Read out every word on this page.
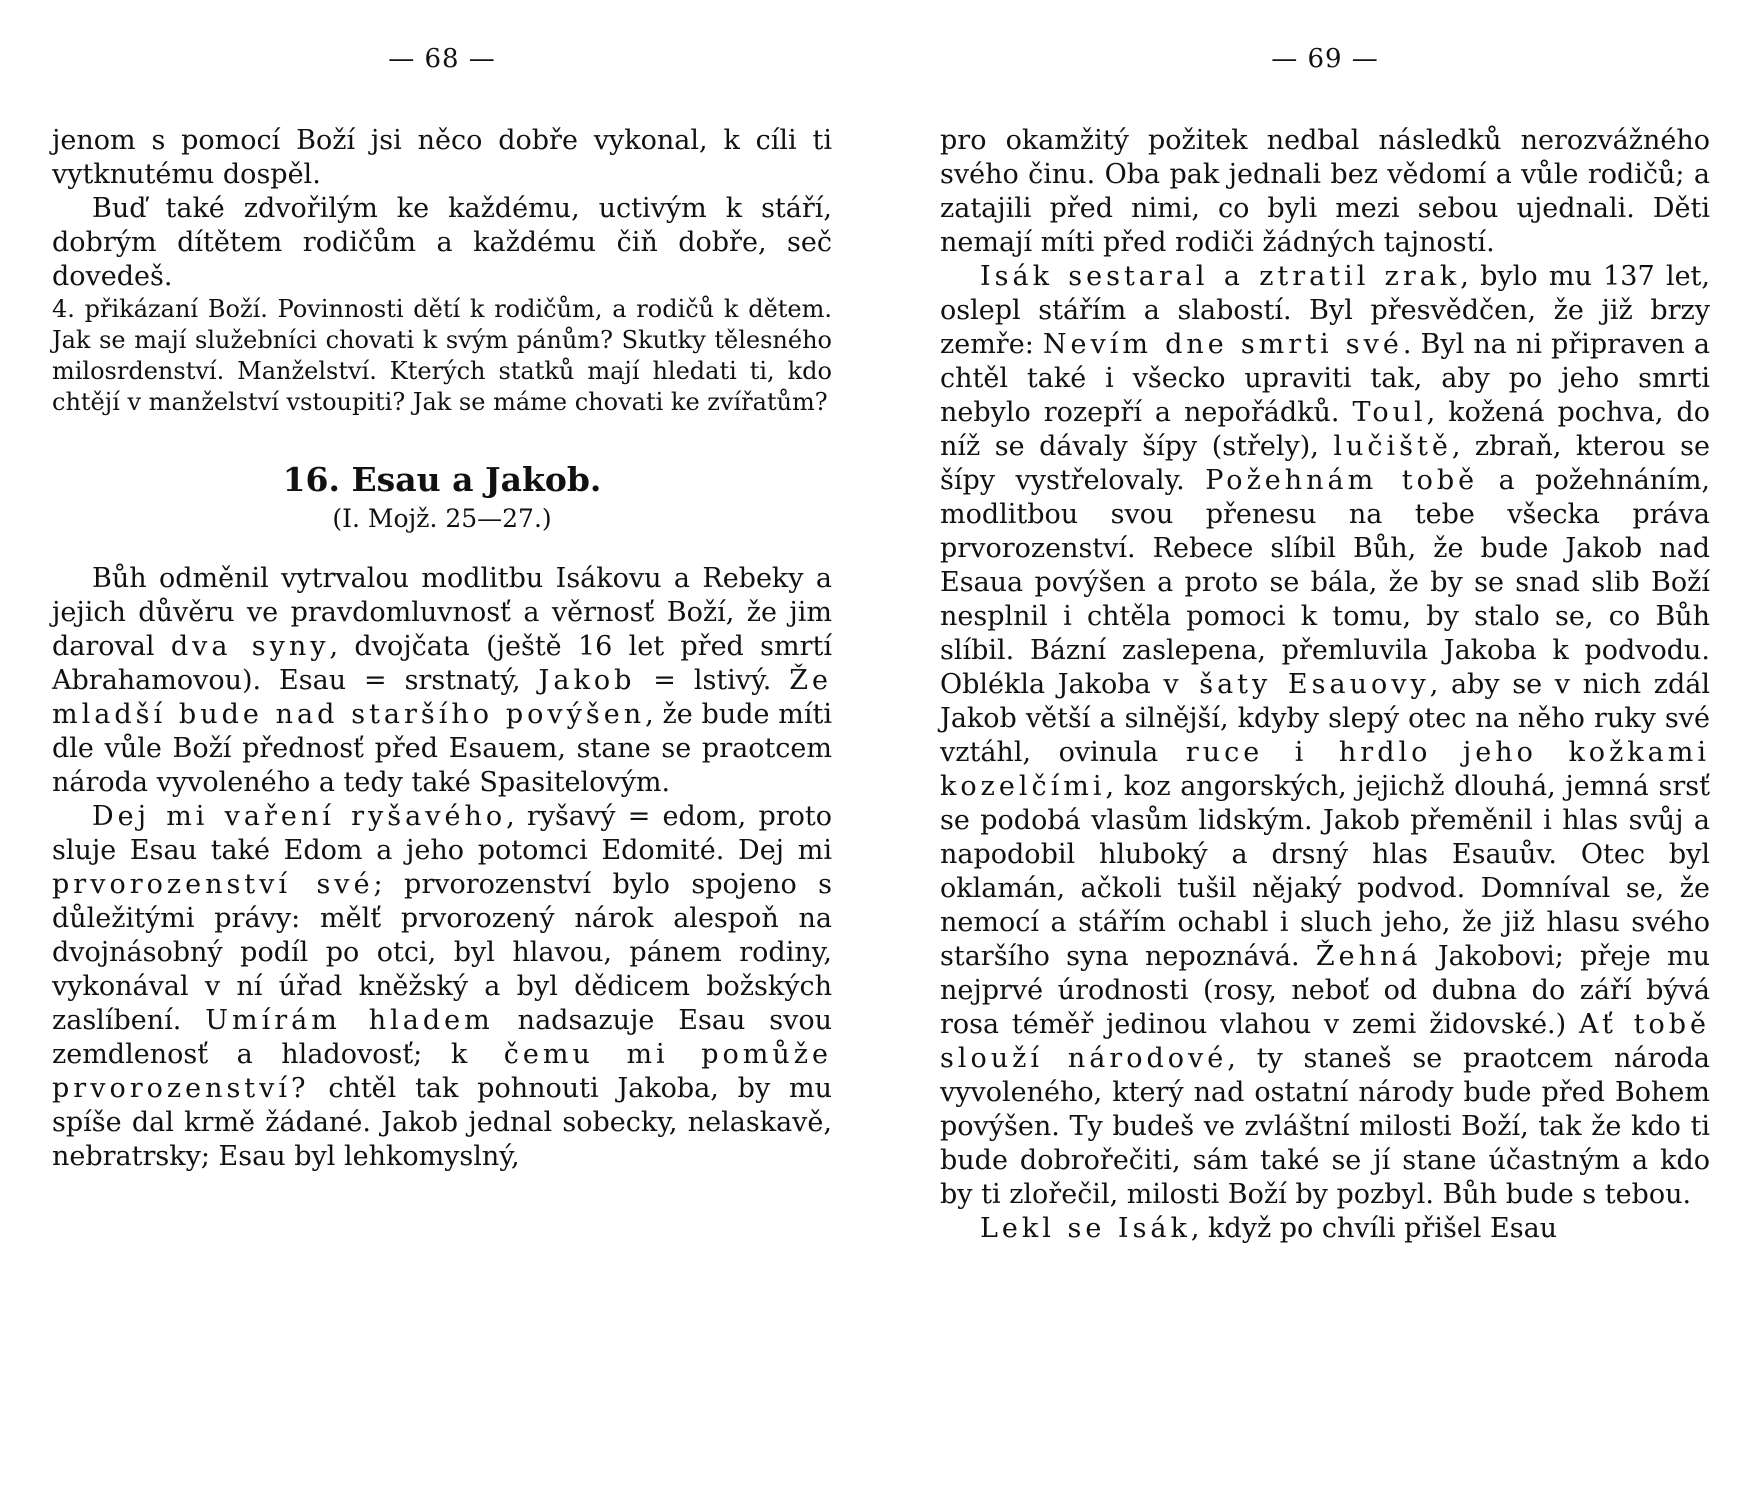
— 68 —

jenom s pomocí Boží jsi něco dobře vykonal, k cíli ti vytknutému dospěl.

Buď také zdvořilým ke každému, uctivým k stáří, dobrým dítětem rodičům a každému čiň dobře, seč dovedeš.

4. přikázaní Boží. Povinnosti dětí k rodičům, a rodičů k dětem. Jak se mají služebníci chovati k svým pánům? Skutky tělesného milosrdenství. Manželství. Kterých statků mají hledati ti, kdo chtějí v manželství vstoupiti? Jak se máme chovati ke zvířatům?

16. Esau a Jakob.
(I. Mojž. 25—27.)

Bůh odměnil vytrvalou modlitbu Isákovu a Rebeky a jejich důvěru ve pravdomluvnosť a věrnosť Boží, že jim daroval dva syny, dvojčata (ještě 16 let před smrtí Abrahamovou). Esau = srstnatý, Jakob = lstivý. Že mladší bude nad staršího povýšen, že bude míti dle vůle Boží přednosť před Esauem, stane se praotcem národa vyvoleného a tedy také Spasitelovým.

Dej mi vaření ryšavého, ryšavý = edom, proto sluje Esau také Edom a jeho potomci Edomité. Dej mi prvorozenství své; prvorozenství bylo spojeno s důležitými právy: mělť prvorozený nárok alespoň na dvojnásobný podíl po otci, byl hlavou, pánem rodiny, vykonával v ní úřad kněžský a byl dědicem božských zaslíbení. Umírám hladem nadsazuje Esau svou zemdlenosť a hladovosť; k čemu mi pomůže prvorozenství? chtěl tak pohnouti Jakoba, by mu spíše dal krmě žádané. Jakob jednal sobecky, nelaskavě, nebratrsky; Esau byl lehkomyslný,

— 69 —

pro okamžitý požitek nedbal následků nerozvážného svého činu. Oba pak jednali bez vědomí a vůle rodičů; a zatajili před nimi, co byli mezi sebou ujednali. Děti nemají míti před rodiči žádných tajností.

Isák sestaral a ztratil zrak, bylo mu 137 let, oslepl stářím a slabostí. Byl přesvědčen, že již brzy zemře: Nevím dne smrti své. Byl na ni připraven a chtěl také i všecko upraviti tak, aby po jeho smrti nebylo rozepří a nepořádků. Toul, kožená pochva, do níž se dávaly šípy (střely), lučiště, zbraň, kterou se šípy vystřelovaly. Požehnám tobě a požehnáním, modlitbou svou přenesu na tebe všecka práva prvorozenství. Rebece slíbil Bůh, že bude Jakob nad Esaua povýšen a proto se bála, že by se snad slib Boží nesplnil i chtěla pomoci k tomu, by stalo se, co Bůh slíbil. Bázní zaslepena, přemluvila Jakoba k podvodu. Oblékla Jakoba v šaty Esauovy, aby se v nich zdál Jakob větší a silnější, kdyby slepý otec na něho ruky své vztáhl, ovinula ruce i hrdlo jeho kožkami kozelčími, koz angorských, jejichž dlouhá, jemná srsť se podobá vlasům lidským. Jakob přeměnil i hlas svůj a napodobil hluboký a drsný hlas Esauův. Otec byl oklamán, ačkoli tušil nějaký podvod. Domníval se, že nemocí a stářím ochabl i sluch jeho, že již hlasu svého staršího syna nepoznává. Žehná Jakobovi; přeje mu nejprvé úrodnosti (rosy, neboť od dubna do září bývá rosa téměř jedinou vlahou v zemi židovské.) Ať tobě slouží národové, ty staneš se praotcem národa vyvoleného, který nad ostatní národy bude před Bohem povýšen. Ty budeš ve zvláštní milosti Boží, tak že kdo ti bude dobrořečiti, sám také se jí stane účastným a kdo by ti zlořečil, milosti Boží by pozbyl. Bůh bude s tebou.

Lekl se Isák, když po chvíli přišel Esau
